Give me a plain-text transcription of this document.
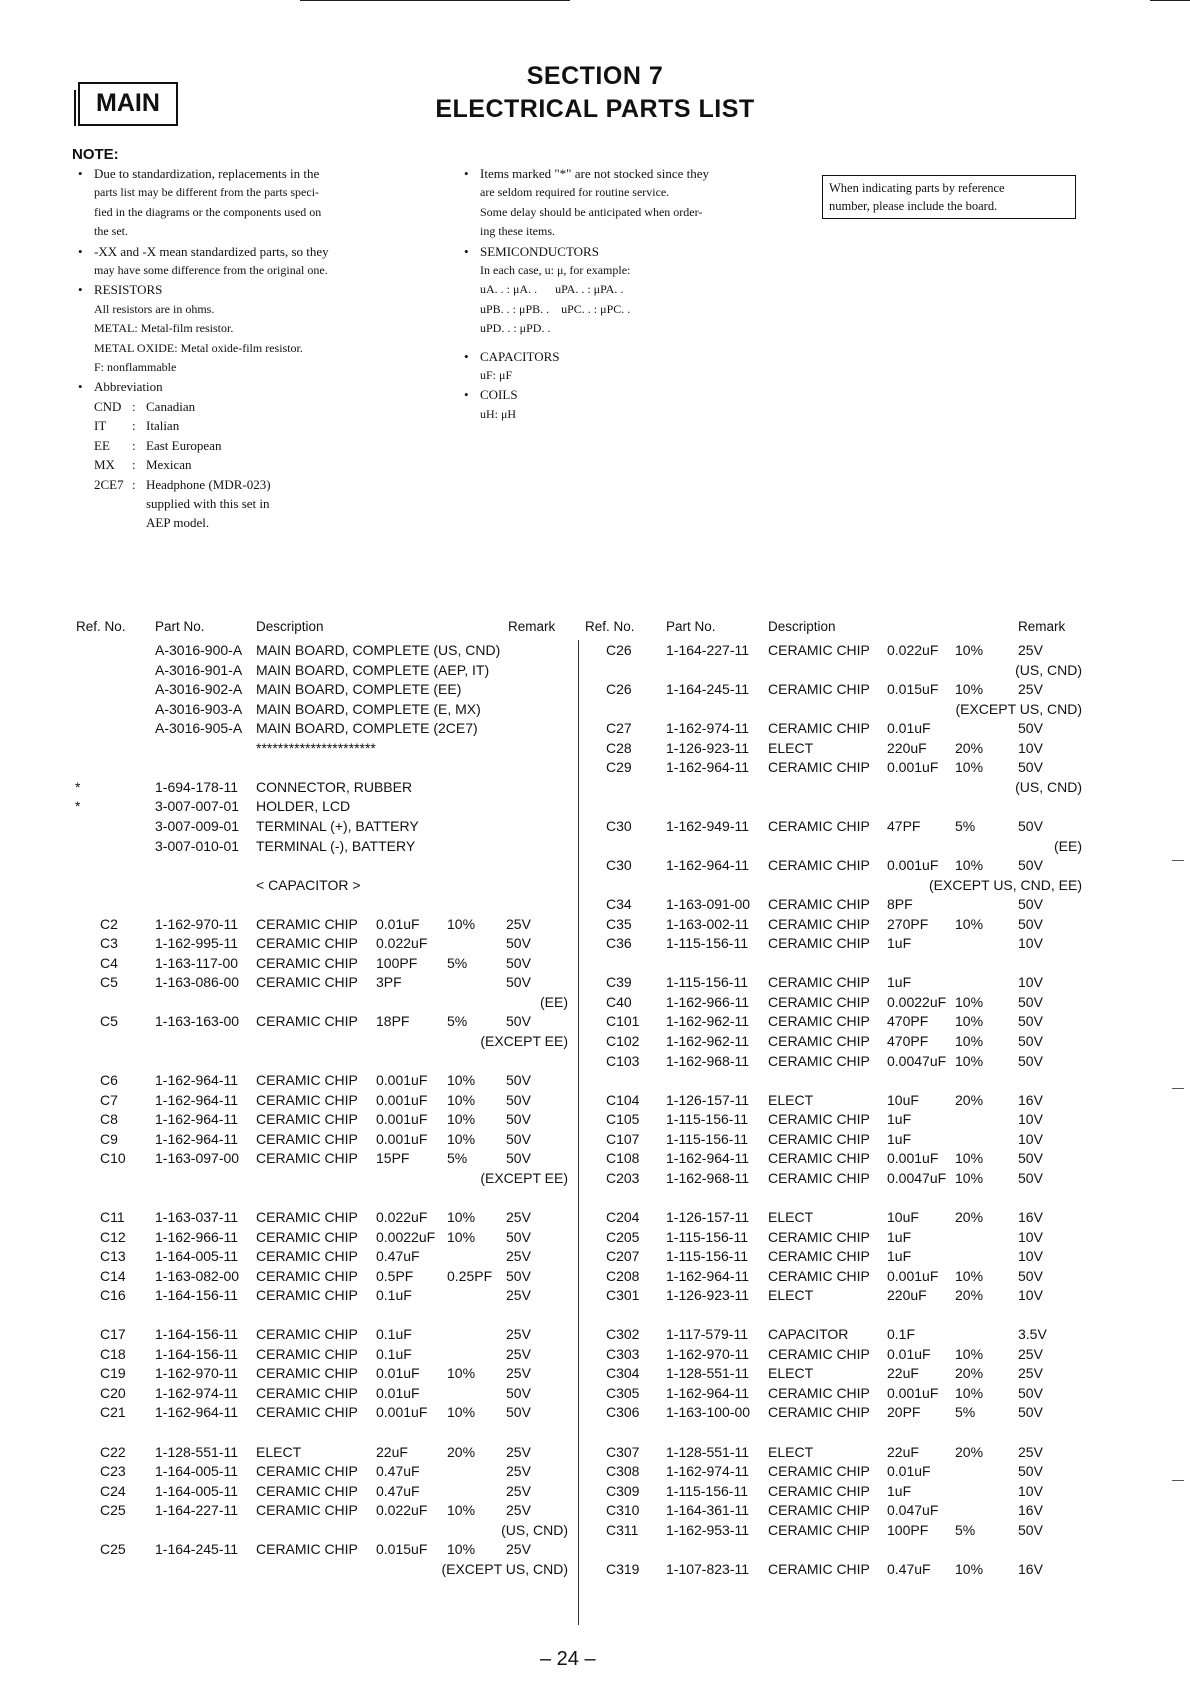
MAIN
SECTION 7
ELECTRICAL PARTS LIST
NOTE:

• Due to standardization, replacements in the

parts list may be different from the parts speci-

fied in the diagrams or the components used on

the set.

• -XX and -X mean standardized parts, so they

may have some difference from the original one.

• RESISTORS

All resistors are in ohms.

METAL: Metal-film resistor.

METAL OXIDE: Metal oxide-film resistor.

F: nonflammable

• Abbreviation

CND : Canadian
IT	: Italian
EE	: East European
MX	: Mexican
2CE7 : Headphone (MDR-023)
supplied with this set in
AEP model.

• Items marked "*" are not stocked since they

are seldom required for routine service.

Some delay should be anticipated when order-

ing these items.

• SEMICONDUCTORS

In each case, u: μ, for example:

uA. . : μA. .      uPA. . : μPA. .

uPB. . : μPB. .    uPC. . : μPC. .

uPD. . : μPD. .

• CAPACITORS

uF: μF

• COILS

uH: μH

When indicating parts by reference
number, please include the board.
Ref. No. Part No.	Description	Remark Ref. No. Part No.	Description	Remark
A-3016-900-A MAIN BOARD, COMPLETE (US, CND)
A-3016-901-A MAIN BOARD, COMPLETE (AEP, IT)
A-3016-902-A MAIN BOARD, COMPLETE (EE)
A-3016-903-A MAIN BOARD, COMPLETE (E, MX)
A-3016-905-A MAIN BOARD, COMPLETE (2CE7)
**********************
*	1-694-178-11 CONNECTOR, RUBBER
*	3-007-007-01 HOLDER, LCD
3-007-009-01 TERMINAL (+), BATTERY
3-007-010-01 TERMINAL (-), BATTERY
< CAPACITOR >
C2	1-162-970-11 CERAMIC CHIP 0.01uF 10% 25V
C3	1-162-995-11 CERAMIC CHIP 0.022uF	50V
C4	1-163-117-00 CERAMIC CHIP 100PF 5%	50V
C5	1-163-086-00 CERAMIC CHIP 3PF	50V
(EE)
C5	1-163-163-00 CERAMIC CHIP 18PF	5%	50V
(EXCEPT EE)
C6	1-162-964-11 CERAMIC CHIP 0.001uF 10% 50V
C7	1-162-964-11 CERAMIC CHIP 0.001uF 10% 50V
C8	1-162-964-11 CERAMIC CHIP 0.001uF 10% 50V
C9	1-162-964-11 CERAMIC CHIP 0.001uF 10% 50V
C10 1-163-097-00 CERAMIC CHIP 15PF	5%	50V
(EXCEPT EE)
C11 1-163-037-11 CERAMIC CHIP 0.022uF 10% 25V
C12 1-162-966-11 CERAMIC CHIP 0.0022uF 10% 50V
C13 1-164-005-11 CERAMIC CHIP 0.47uF	25V
C14 1-163-082-00 CERAMIC CHIP 0.5PF 0.25PF 50V
C16 1-164-156-11 CERAMIC CHIP 0.1uF	25V
C17 1-164-156-11 CERAMIC CHIP 0.1uF	25V
C18 1-164-156-11 CERAMIC CHIP 0.1uF	25V
C19 1-162-970-11 CERAMIC CHIP 0.01uF 10% 25V
C20 1-162-974-11 CERAMIC CHIP 0.01uF	50V
C21 1-162-964-11 CERAMIC CHIP 0.001uF 10% 50V
C22 1-128-551-11 ELECT	22uF	20% 25V
C23 1-164-005-11 CERAMIC CHIP 0.47uF	25V
C24 1-164-005-11 CERAMIC CHIP 0.47uF	25V
C25 1-164-227-11 CERAMIC CHIP 0.022uF 10% 25V
(US, CND)
C25 1-164-245-11 CERAMIC CHIP 0.015uF 10% 25V
(EXCEPT US, CND)
C26 1-164-227-11 CERAMIC CHIP 0.022uF 10% 25V
(US, CND)
C26 1-164-245-11 CERAMIC CHIP 0.015uF 10% 25V
(EXCEPT US, CND)
C27 1-162-974-11 CERAMIC CHIP 0.01uF	50V
C28 1-126-923-11 ELECT	220uF 20% 10V
C29 1-162-964-11 CERAMIC CHIP 0.001uF 10% 50V
(US, CND)
C30 1-162-949-11 CERAMIC CHIP 47PF 5%	50V
(EE)
C30 1-162-964-11 CERAMIC CHIP 0.001uF 10% 50V
(EXCEPT US, CND, EE)
C34 1-163-091-00 CERAMIC CHIP 8PF	50V
C35 1-163-002-11 CERAMIC CHIP 270PF 10% 50V
C36 1-115-156-11 CERAMIC CHIP 1uF	10V
C39 1-115-156-11 CERAMIC CHIP 1uF	10V
C40 1-162-966-11 CERAMIC CHIP 0.0022uF 10% 50V
C101 1-162-962-11 CERAMIC CHIP 470PF 10% 50V
C102 1-162-962-11 CERAMIC CHIP 470PF 10% 50V
C103 1-162-968-11 CERAMIC CHIP 0.0047uF 10% 50V
C104 1-126-157-11 ELECT	10uF	20% 16V
C105 1-115-156-11 CERAMIC CHIP 1uF	10V
C107 1-115-156-11 CERAMIC CHIP 1uF	10V
C108 1-162-964-11 CERAMIC CHIP 0.001uF 10% 50V
C203 1-162-968-11 CERAMIC CHIP 0.0047uF 10% 50V
C204 1-126-157-11 ELECT	10uF	20% 16V
C205 1-115-156-11 CERAMIC CHIP 1uF	10V
C207 1-115-156-11 CERAMIC CHIP 1uF	10V
C208 1-162-964-11 CERAMIC CHIP 0.001uF 10% 50V
C301 1-126-923-11 ELECT	220uF 20% 10V
C302 1-117-579-11 CAPACITOR	0.1F	3.5V
C303 1-162-970-11 CERAMIC CHIP 0.01uF 10% 25V
C304 1-128-551-11 ELECT	22uF	20% 25V
C305 1-162-964-11 CERAMIC CHIP 0.001uF 10% 50V
C306 1-163-100-00 CERAMIC CHIP 20PF 5%	50V
C307 1-128-551-11 ELECT	22uF	20% 25V
C308 1-162-974-11 CERAMIC CHIP 0.01uF	50V
C309 1-115-156-11 CERAMIC CHIP 1uF	10V
C310 1-164-361-11 CERAMIC CHIP 0.047uF	16V
C311 1-162-953-11 CERAMIC CHIP 100PF 5%	50V
C319 1-107-823-11 CERAMIC CHIP 0.47uF 10% 16V
– 24 –
